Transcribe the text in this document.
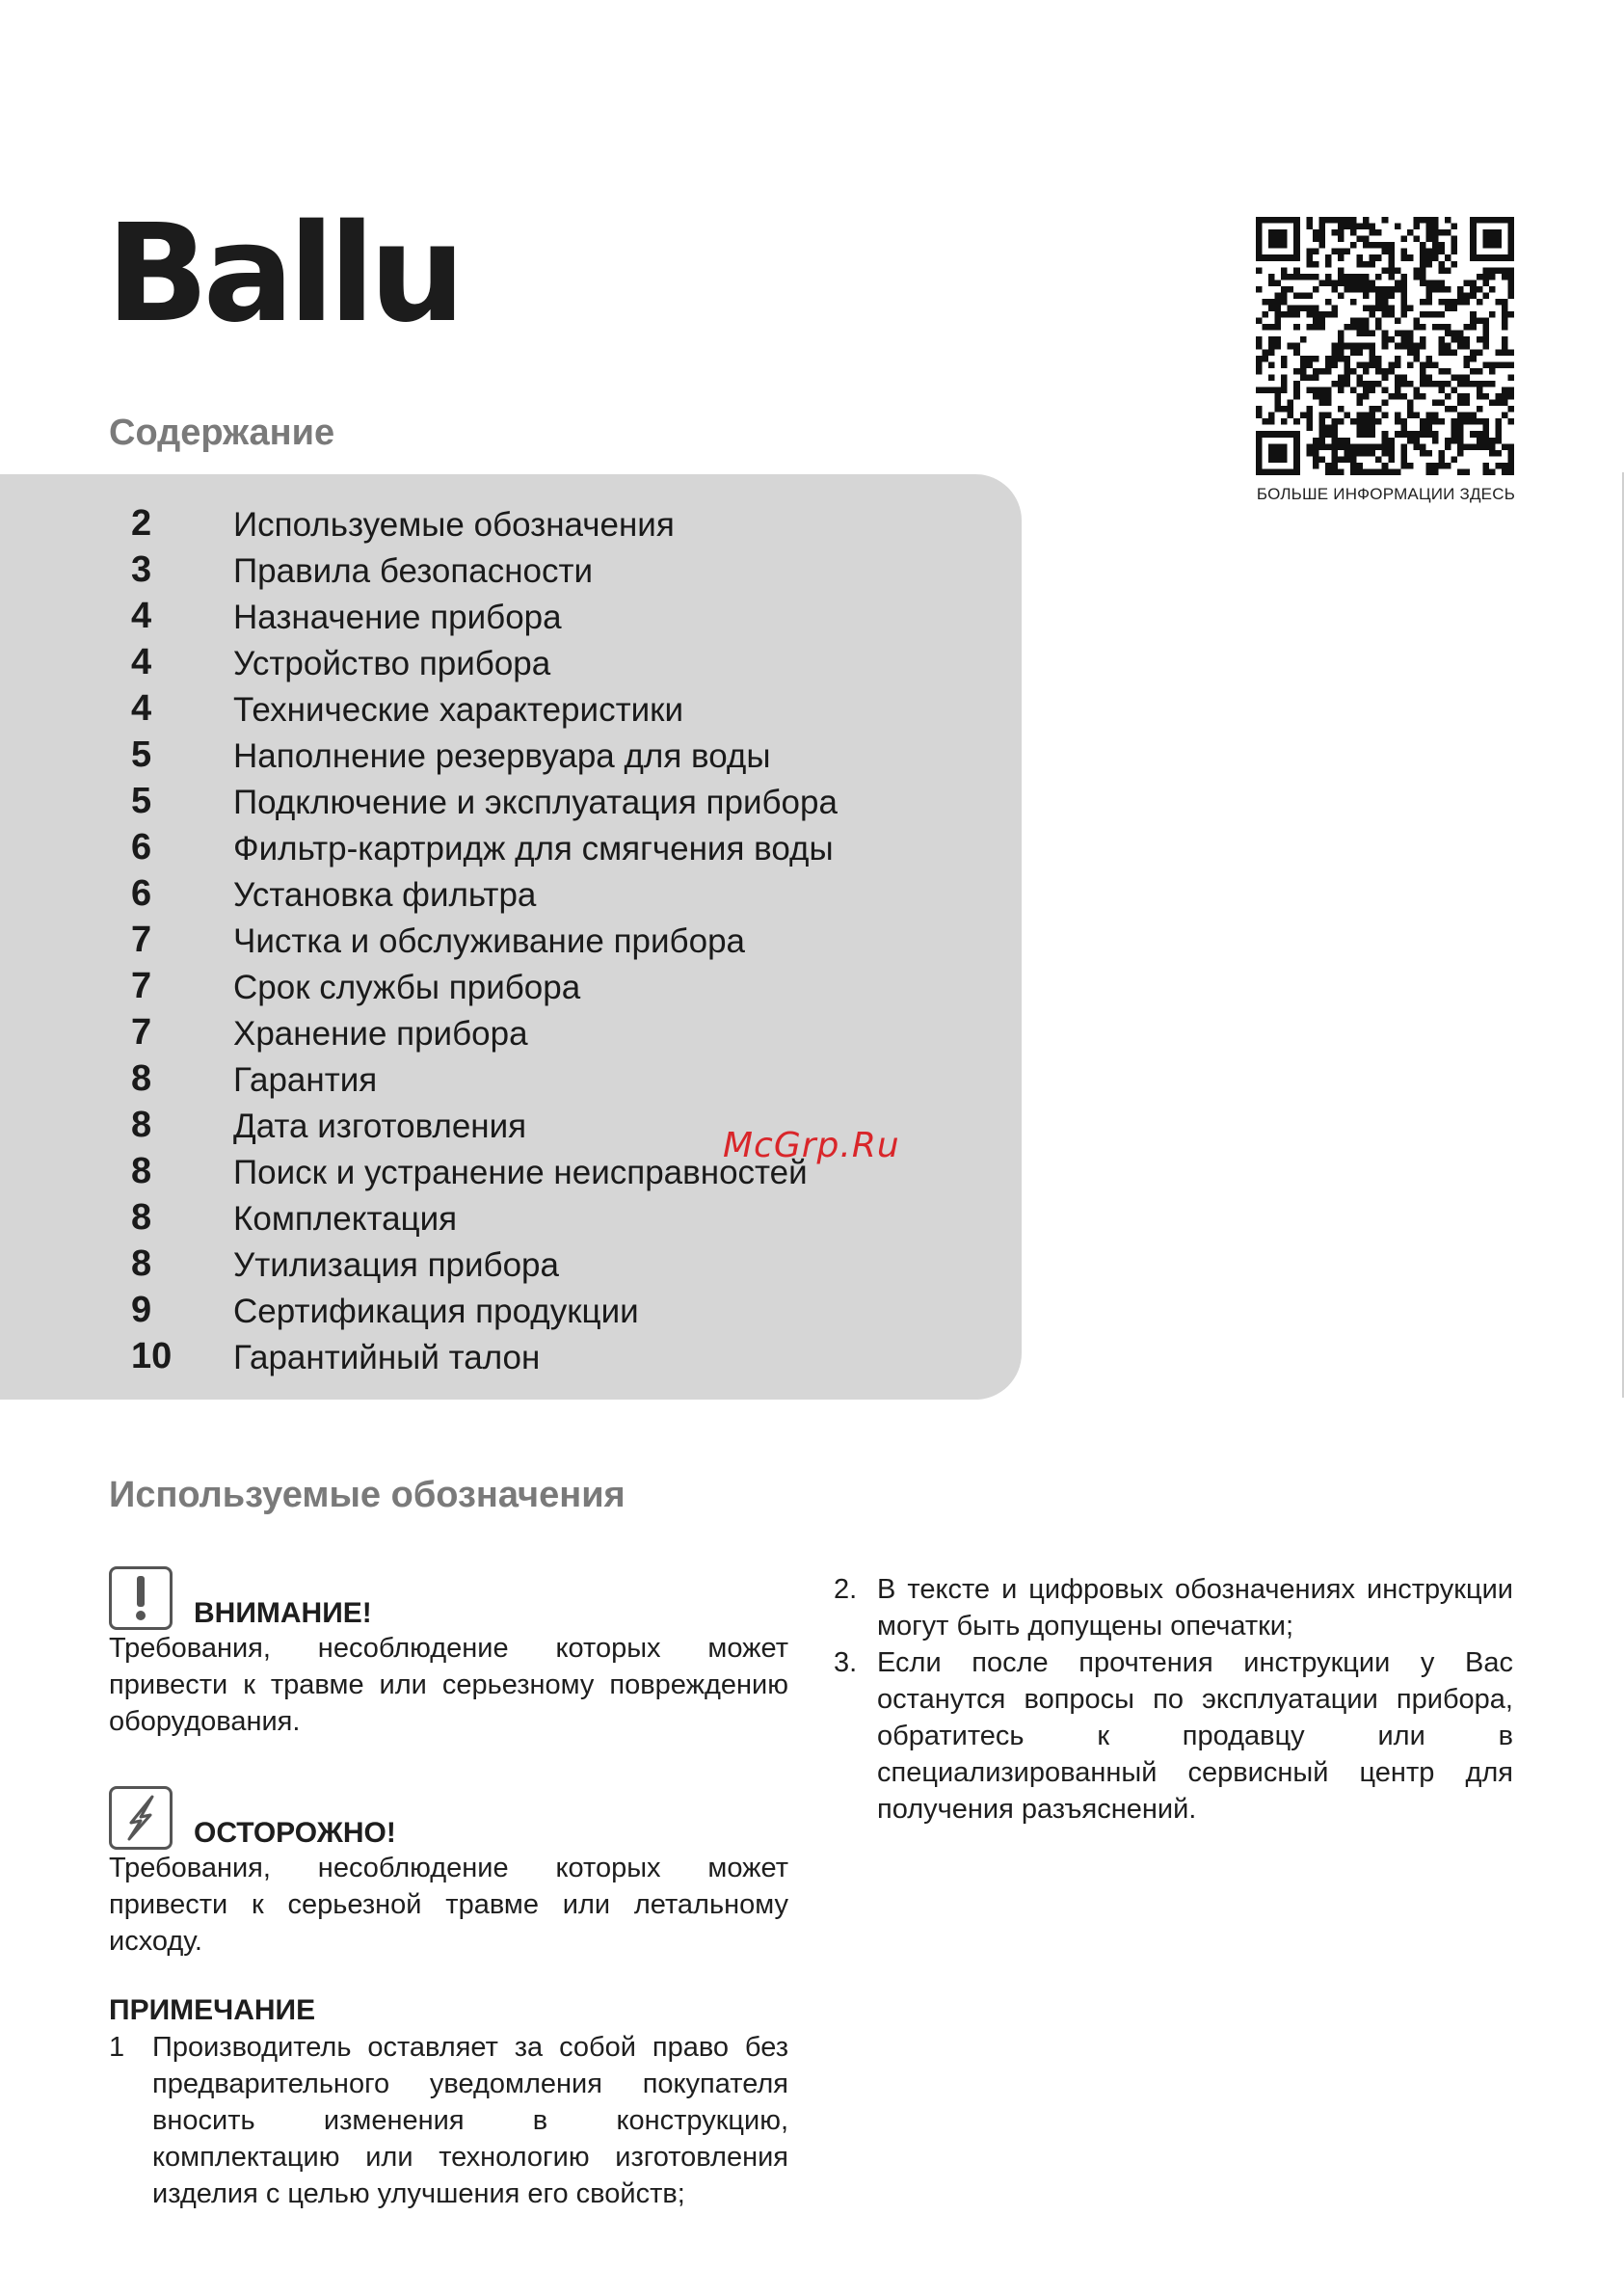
Ballu
БОЛЬШЕ ИНФОРМАЦИИ ЗДЕСЬ
Содержание
2	Используемые обозначения
3	Правила безопасности
4	Назначение прибора
4	Устройство прибора
4	Технические характеристики
5	Наполнение резервуара для воды
5	Подключение и эксплуатация прибора
6	Фильтр-картридж для смягчения воды
6	Установка фильтра
7	Чистка и обслуживание прибора
7	Срок службы прибора
7	Хранение прибора
8	Гарантия
8	Дата изготовления
8	Поиск и устранение неисправностей
8	Комплектация
8	Утилизация прибора
9	Сертификация продукции
10	Гарантийный талон
McGrp.Ru
Используемые обозначения
ВНИМАНИЕ!
Требования, несоблюдение которых может привести к травме или серьезному повреждению оборудования.
ОСТОРОЖНО!
Требования, несоблюдение которых может привести к серьезной травме или летальному исходу.
ПРИМЕЧАНИЕ
1 Производитель оставляет за собой право без предварительного уведомления покупателя вносить изменения в конструкцию, комплектацию или технологию изготовления изделия с целью улучшения его свойств;
2. В тексте и цифровых обозначениях инструкции могут быть допущены опечатки;
3. Если после прочтения инструкции у Вас останутся вопросы по эксплуатации прибора, обратитесь к продавцу или в специализированный сервисный центр для получения разъяснений.
